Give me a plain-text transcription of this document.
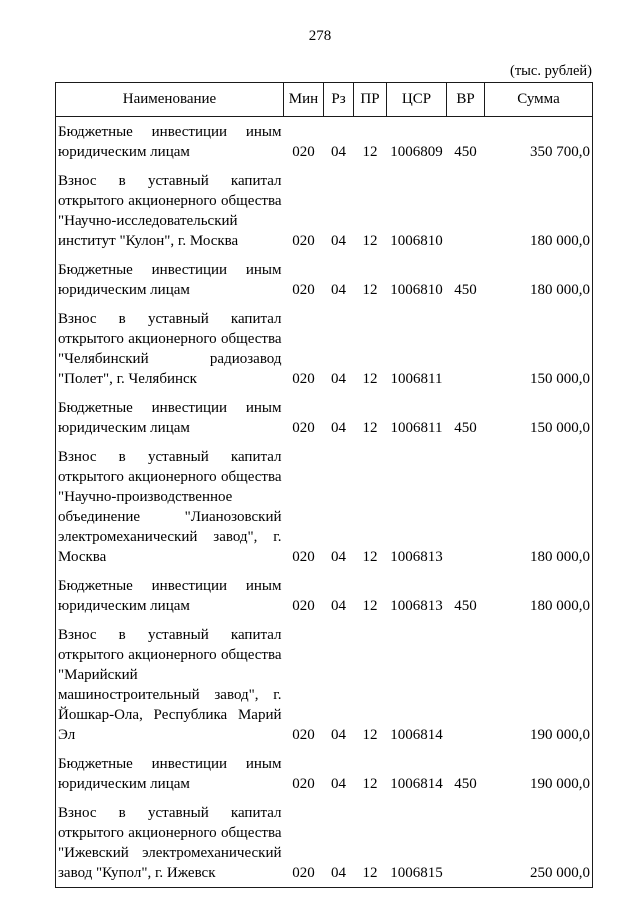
278
(тыс. рублей)
Наименование	Мин	Рз	ПР	ЦСР	ВР	Сумма
Бюджетные инвестиции иным юридическим лицам	020	04	12	1006809	450	350 700,0
Взнос в уставный капитал открытого акционерного общества "Научно-исследовательский институт "Кулон", г. Москва	020	04	12	1006810		180 000,0
Бюджетные инвестиции иным юридическим лицам	020	04	12	1006810	450	180 000,0
Взнос в уставный капитал открытого акционерного общества "Челябинский радиозавод "Полет", г. Челябинск	020	04	12	1006811		150 000,0
Бюджетные инвестиции иным юридическим лицам	020	04	12	1006811	450	150 000,0
Взнос в уставный капитал открытого акционерного общества "Научно-производственное объединение "Лианозовский электромеханический завод", г. Москва	020	04	12	1006813		180 000,0
Бюджетные инвестиции иным юридическим лицам	020	04	12	1006813	450	180 000,0
Взнос в уставный капитал открытого акционерного общества "Марийский машиностроительный завод", г. Йошкар-Ола, Республика Марий Эл	020	04	12	1006814		190 000,0
Бюджетные инвестиции иным юридическим лицам	020	04	12	1006814	450	190 000,0
Взнос в уставный капитал открытого акционерного общества "Ижевский электромеханический завод "Купол", г. Ижевск	020	04	12	1006815		250 000,0
